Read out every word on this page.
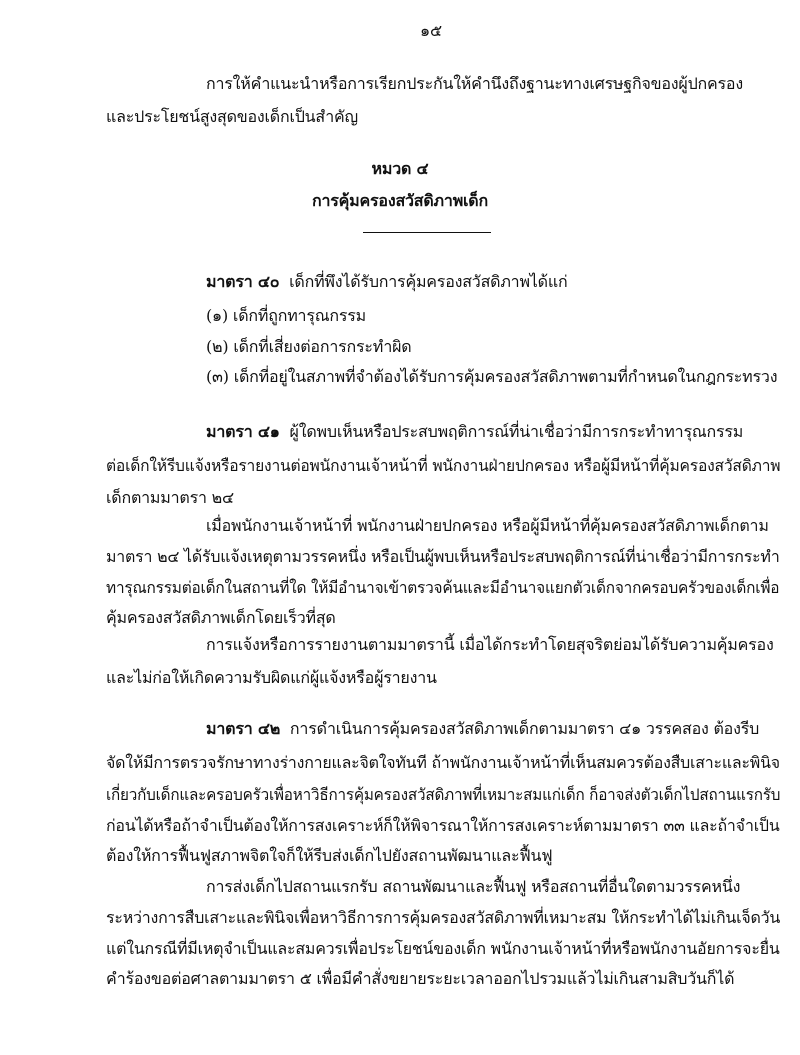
๑๕
การให้คำแนะนำหรือการเรียกประกันให้คำนึงถึงฐานะทางเศรษฐกิจของผู้ปกครอง
และประโยชน์สูงสุดของเด็กเป็นสำคัญ
หมวด ๔
การคุ้มครองสวัสดิภาพเด็ก
มาตรา ๔๐ เด็กที่พึงได้รับการคุ้มครองสวัสดิภาพได้แก่
(๑) เด็กที่ถูกทารุณกรรม
(๒) เด็กที่เสี่ยงต่อการกระทำผิด
(๓) เด็กที่อยู่ในสภาพที่จำต้องได้รับการคุ้มครองสวัสดิภาพตามที่กำหนดในกฎกระทรวง
มาตรา ๔๑ ผู้ใดพบเห็นหรือประสบพฤติการณ์ที่น่าเชื่อว่ามีการกระทำทารุณกรรม
ต่อเด็กให้รีบแจ้งหรือรายงานต่อพนักงานเจ้าหน้าที่ พนักงานฝ่ายปกครอง หรือผู้มีหน้าที่คุ้มครองสวัสดิภาพ
เด็กตามมาตรา ๒๔
เมื่อพนักงานเจ้าหน้าที่ พนักงานฝ่ายปกครอง หรือผู้มีหน้าที่คุ้มครองสวัสดิภาพเด็กตาม
มาตรา ๒๔ ได้รับแจ้งเหตุตามวรรคหนึ่ง หรือเป็นผู้พบเห็นหรือประสบพฤติการณ์ที่น่าเชื่อว่ามีการกระทำ
ทารุณกรรมต่อเด็กในสถานที่ใด ให้มีอำนาจเข้าตรวจค้นและมีอำนาจแยกตัวเด็กจากครอบครัวของเด็กเพื่อ
คุ้มครองสวัสดิภาพเด็กโดยเร็วที่สุด
การแจ้งหรือการรายงานตามมาตรานี้ เมื่อได้กระทำโดยสุจริตย่อมได้รับความคุ้มครอง
และไม่ก่อให้เกิดความรับผิดแก่ผู้แจ้งหรือผู้รายงาน
มาตรา ๔๒ การดำเนินการคุ้มครองสวัสดิภาพเด็กตามมาตรา ๔๑ วรรคสอง ต้องรีบ
จัดให้มีการตรวจรักษาทางร่างกายและจิตใจทันที ถ้าพนักงานเจ้าหน้าที่เห็นสมควรต้องสืบเสาะและพินิจ
เกี่ยวกับเด็กและครอบครัวเพื่อหาวิธีการคุ้มครองสวัสดิภาพที่เหมาะสมแก่เด็ก ก็อาจส่งตัวเด็กไปสถานแรกรับ
ก่อนได้หรือถ้าจำเป็นต้องให้การสงเคราะห์ก็ให้พิจารณาให้การสงเคราะห์ตามมาตรา ๓๓ และถ้าจำเป็น
ต้องให้การฟื้นฟูสภาพจิตใจก็ให้รีบส่งเด็กไปยังสถานพัฒนาและฟื้นฟู
การส่งเด็กไปสถานแรกรับ สถานพัฒนาและฟื้นฟู หรือสถานที่อื่นใดตามวรรคหนึ่ง
ระหว่างการสืบเสาะและพินิจเพื่อหาวิธีการการคุ้มครองสวัสดิภาพที่เหมาะสม ให้กระทำได้ไม่เกินเจ็ดวัน
แต่ในกรณีที่มีเหตุจำเป็นและสมควรเพื่อประโยชน์ของเด็ก พนักงานเจ้าหน้าที่หรือพนักงานอัยการจะยื่น
คำร้องขอต่อศาลตามมาตรา ๕ เพื่อมีคำสั่งขยายระยะเวลาออกไปรวมแล้วไม่เกินสามสิบวันก็ได้
